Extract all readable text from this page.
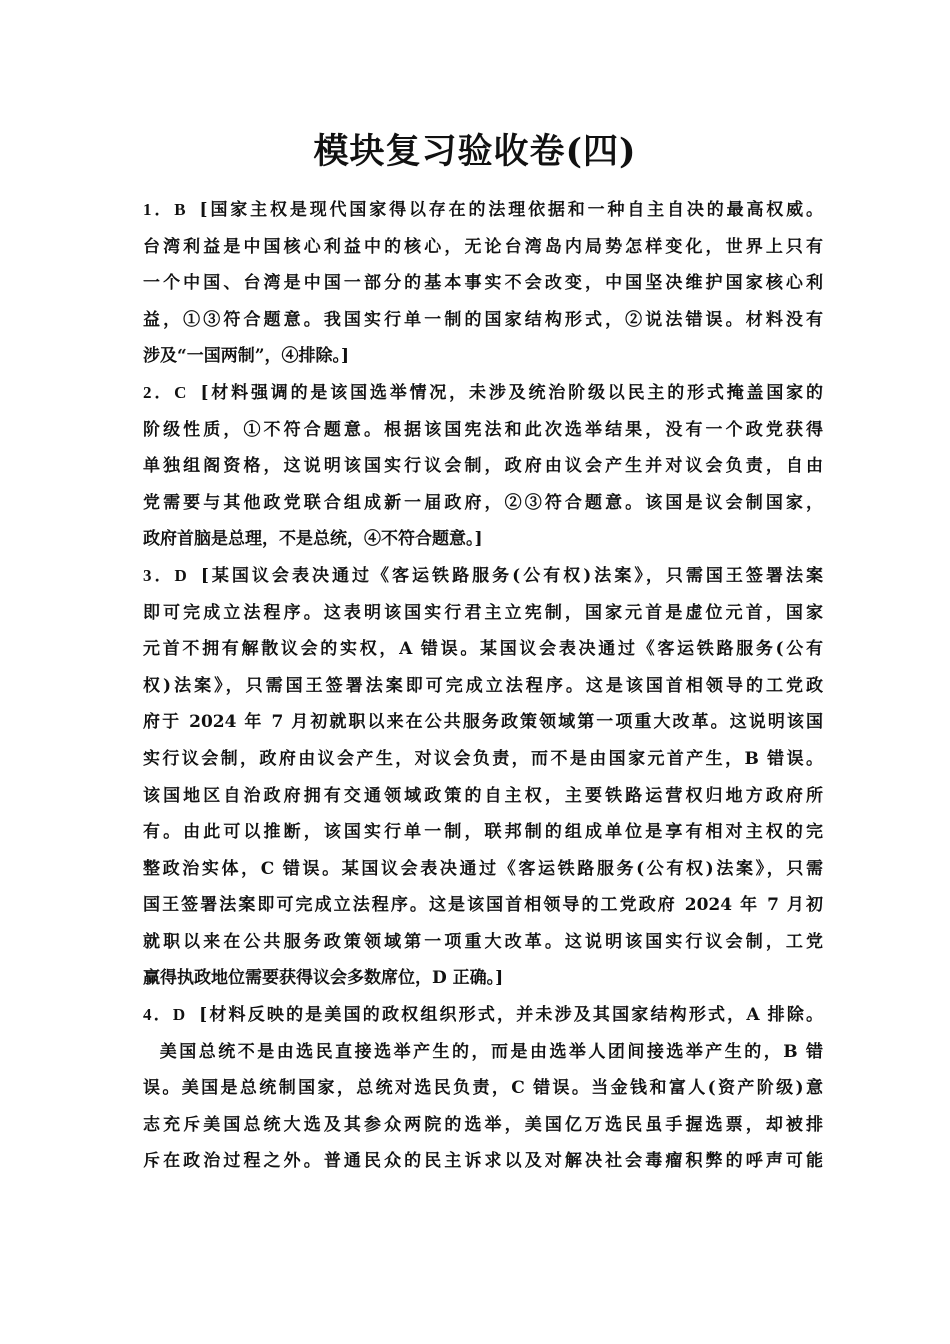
模块复习验收卷(四)
1．B [国家主权是现代国家得以存在的法理依据和一种自主自决的最高权威。
台湾利益是中国核心利益中的核心，无论台湾岛内局势怎样变化，世界上只有
一个中国、台湾是中国一部分的基本事实不会改变，中国坚决维护国家核心利
益，①③符合题意。我国实行单一制的国家结构形式，②说法错误。材料没有
涉及“一国两制”，④排除。]
2．C [材料强调的是该国选举情况，未涉及统治阶级以民主的形式掩盖国家的
阶级性质，①不符合题意。根据该国宪法和此次选举结果，没有一个政党获得
单独组阁资格，这说明该国实行议会制，政府由议会产生并对议会负责，自由
党需要与其他政党联合组成新一届政府，②③符合题意。该国是议会制国家，
政府首脑是总理，不是总统，④不符合题意。]
3．D [某国议会表决通过《客运铁路服务(公有权)法案》，只需国王签署法案
即可完成立法程序。这表明该国实行君主立宪制，国家元首是虚位元首，国家
元首不拥有解散议会的实权，A 错误。某国议会表决通过《客运铁路服务(公有
权)法案》，只需国王签署法案即可完成立法程序。这是该国首相领导的工党政
府于 2024 年 7 月初就职以来在公共服务政策领域第一项重大改革。这说明该国
实行议会制，政府由议会产生，对议会负责，而不是由国家元首产生，B 错误。
该国地区自治政府拥有交通领域政策的自主权，主要铁路运营权归地方政府所
有。由此可以推断，该国实行单一制，联邦制的组成单位是享有相对主权的完
整政治实体，C 错误。某国议会表决通过《客运铁路服务(公有权)法案》，只需
国王签署法案即可完成立法程序。这是该国首相领导的工党政府 2024 年 7 月初
就职以来在公共服务政策领域第一项重大改革。这说明该国实行议会制，工党
赢得执政地位需要获得议会多数席位，D 正确。]
4．D [材料反映的是美国的政权组织形式，并未涉及其国家结构形式，A 排除。
美国总统不是由选民直接选举产生的，而是由选举人团间接选举产生的，B 错
误。美国是总统制国家，总统对选民负责，C 错误。当金钱和富人(资产阶级)意
志充斥美国总统大选及其参众两院的选举，美国亿万选民虽手握选票，却被排
斥在政治过程之外。普通民众的民主诉求以及对解决社会毒瘤积弊的呼声可能
